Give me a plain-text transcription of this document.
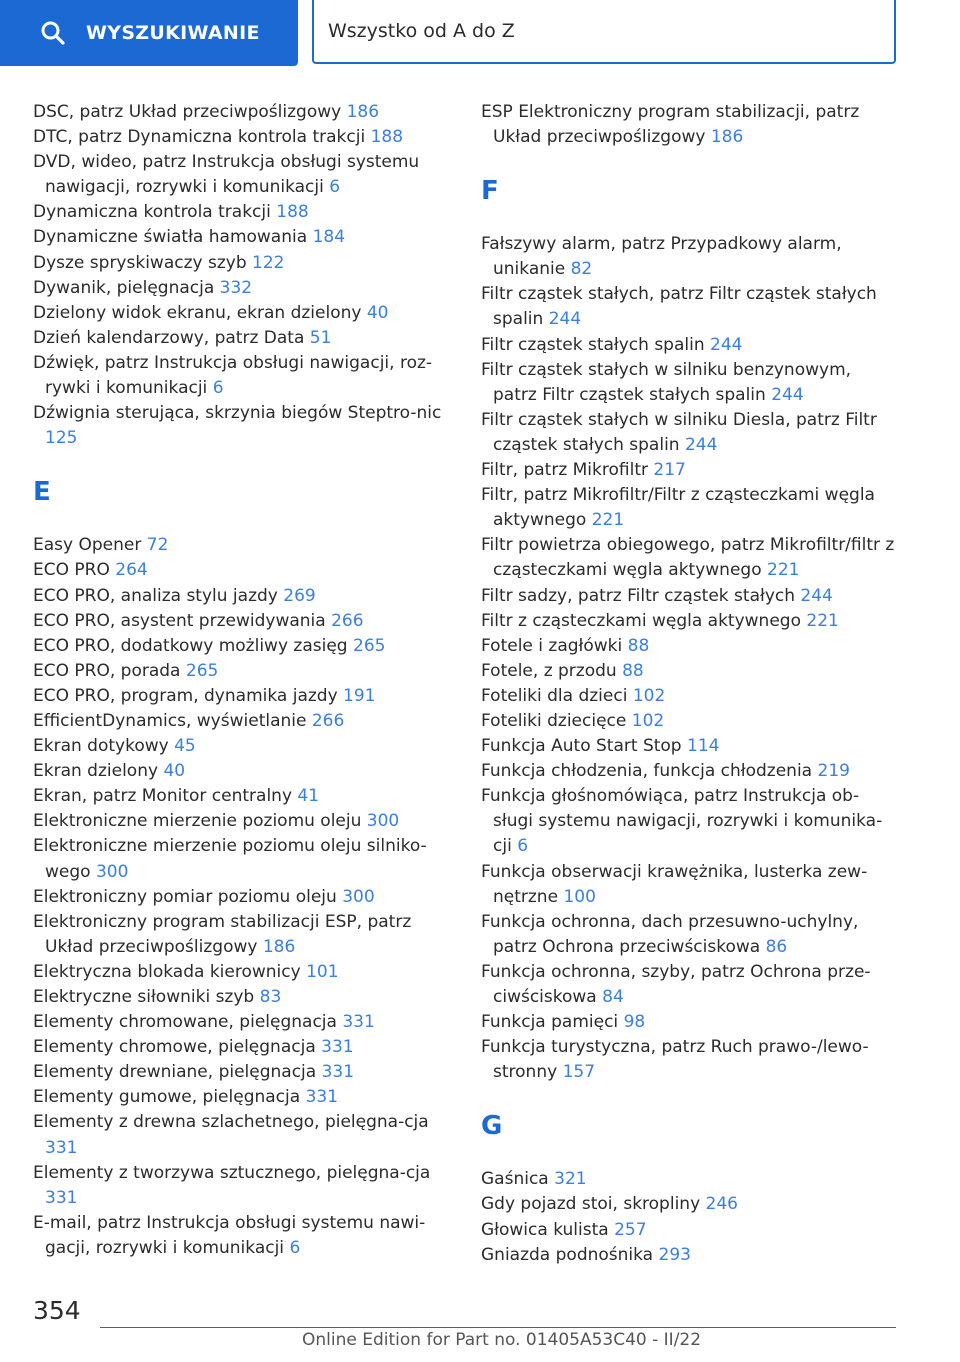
WYSZUKIWANIE	Wszystko od A do Z
DSC, patrz Układ przeciwpoślizgowy 186
DTC, patrz Dynamiczna kontrola trakcji 188
DVD, wideo, patrz Instrukcja obsługi systemu nawigacji, rozrywki i komunikacji 6
Dynamiczna kontrola trakcji 188
Dynamiczne światła hamowania 184
Dysze spryskiwaczy szyb 122
Dywanik, pielęgnacja 332
Dzielony widok ekranu, ekran dzielony 40
Dzień kalendarzowy, patrz Data 51
Dźwięk, patrz Instrukcja obsługi nawigacji, roz-rywki i komunikacji 6
Dźwignia sterująca, skrzynia biegów Steptro-nic 125
E
Easy Opener 72
ECO PRO 264
ECO PRO, analiza stylu jazdy 269
ECO PRO, asystent przewidywania 266
ECO PRO, dodatkowy możliwy zasięg 265
ECO PRO, porada 265
ECO PRO, program, dynamika jazdy 191
EfficientDynamics, wyświetlanie 266
Ekran dotykowy 45
Ekran dzielony 40
Ekran, patrz Monitor centralny 41
Elektroniczne mierzenie poziomu oleju 300
Elektroniczne mierzenie poziomu oleju silniko-wego 300
Elektroniczny pomiar poziomu oleju 300
Elektroniczny program stabilizacji ESP, patrz Układ przeciwpoślizgowy 186
Elektryczna blokada kierownicy 101
Elektryczne siłowniki szyb 83
Elementy chromowane, pielęgnacja 331
Elementy chromowe, pielęgnacja 331
Elementy drewniane, pielęgnacja 331
Elementy gumowe, pielęgnacja 331
Elementy z drewna szlachetnego, pielęgna-cja 331
Elementy z tworzywa sztucznego, pielęgna-cja 331
E-mail, patrz Instrukcja obsługi systemu nawi-gacji, rozrywki i komunikacji 6
ESP Elektroniczny program stabilizacji, patrz Układ przeciwpoślizgowy 186
F
Fałszywy alarm, patrz Przypadkowy alarm, unikanie 82
Filtr cząstek stałych, patrz Filtr cząstek stałych spalin 244
Filtr cząstek stałych spalin 244
Filtr cząstek stałych w silniku benzynowym, patrz Filtr cząstek stałych spalin 244
Filtr cząstek stałych w silniku Diesla, patrz Filtr cząstek stałych spalin 244
Filtr, patrz Mikrofiltr 217
Filtr, patrz Mikrofiltr/Filtr z cząsteczkami węgla aktywnego 221
Filtr powietrza obiegowego, patrz Mikrofiltr/filtr z cząsteczkami węgla aktywnego 221
Filtr sadzy, patrz Filtr cząstek stałych 244
Filtr z cząsteczkami węgla aktywnego 221
Fotele i zagłówki 88
Fotele, z przodu 88
Foteliki dla dzieci 102
Foteliki dziecięce 102
Funkcja Auto Start Stop 114
Funkcja chłodzenia, funkcja chłodzenia 219
Funkcja głośnomówiąca, patrz Instrukcja ob-sługi systemu nawigacji, rozrywki i komunika-cji 6
Funkcja obserwacji krawężnika, lusterka zew-nętrzne 100
Funkcja ochronna, dach przesuwno-uchylny, patrz Ochrona przeciwściskowa 86
Funkcja ochronna, szyby, patrz Ochrona prze-ciwściskowa 84
Funkcja pamięci 98
Funkcja turystyczna, patrz Ruch prawo-/lewo-stronny 157
G
Gaśnica 321
Gdy pojazd stoi, skropliny 246
Głowica kulista 257
Gniazda podnośnika 293
354
Online Edition for Part no. 01405A53C40 - II/22
